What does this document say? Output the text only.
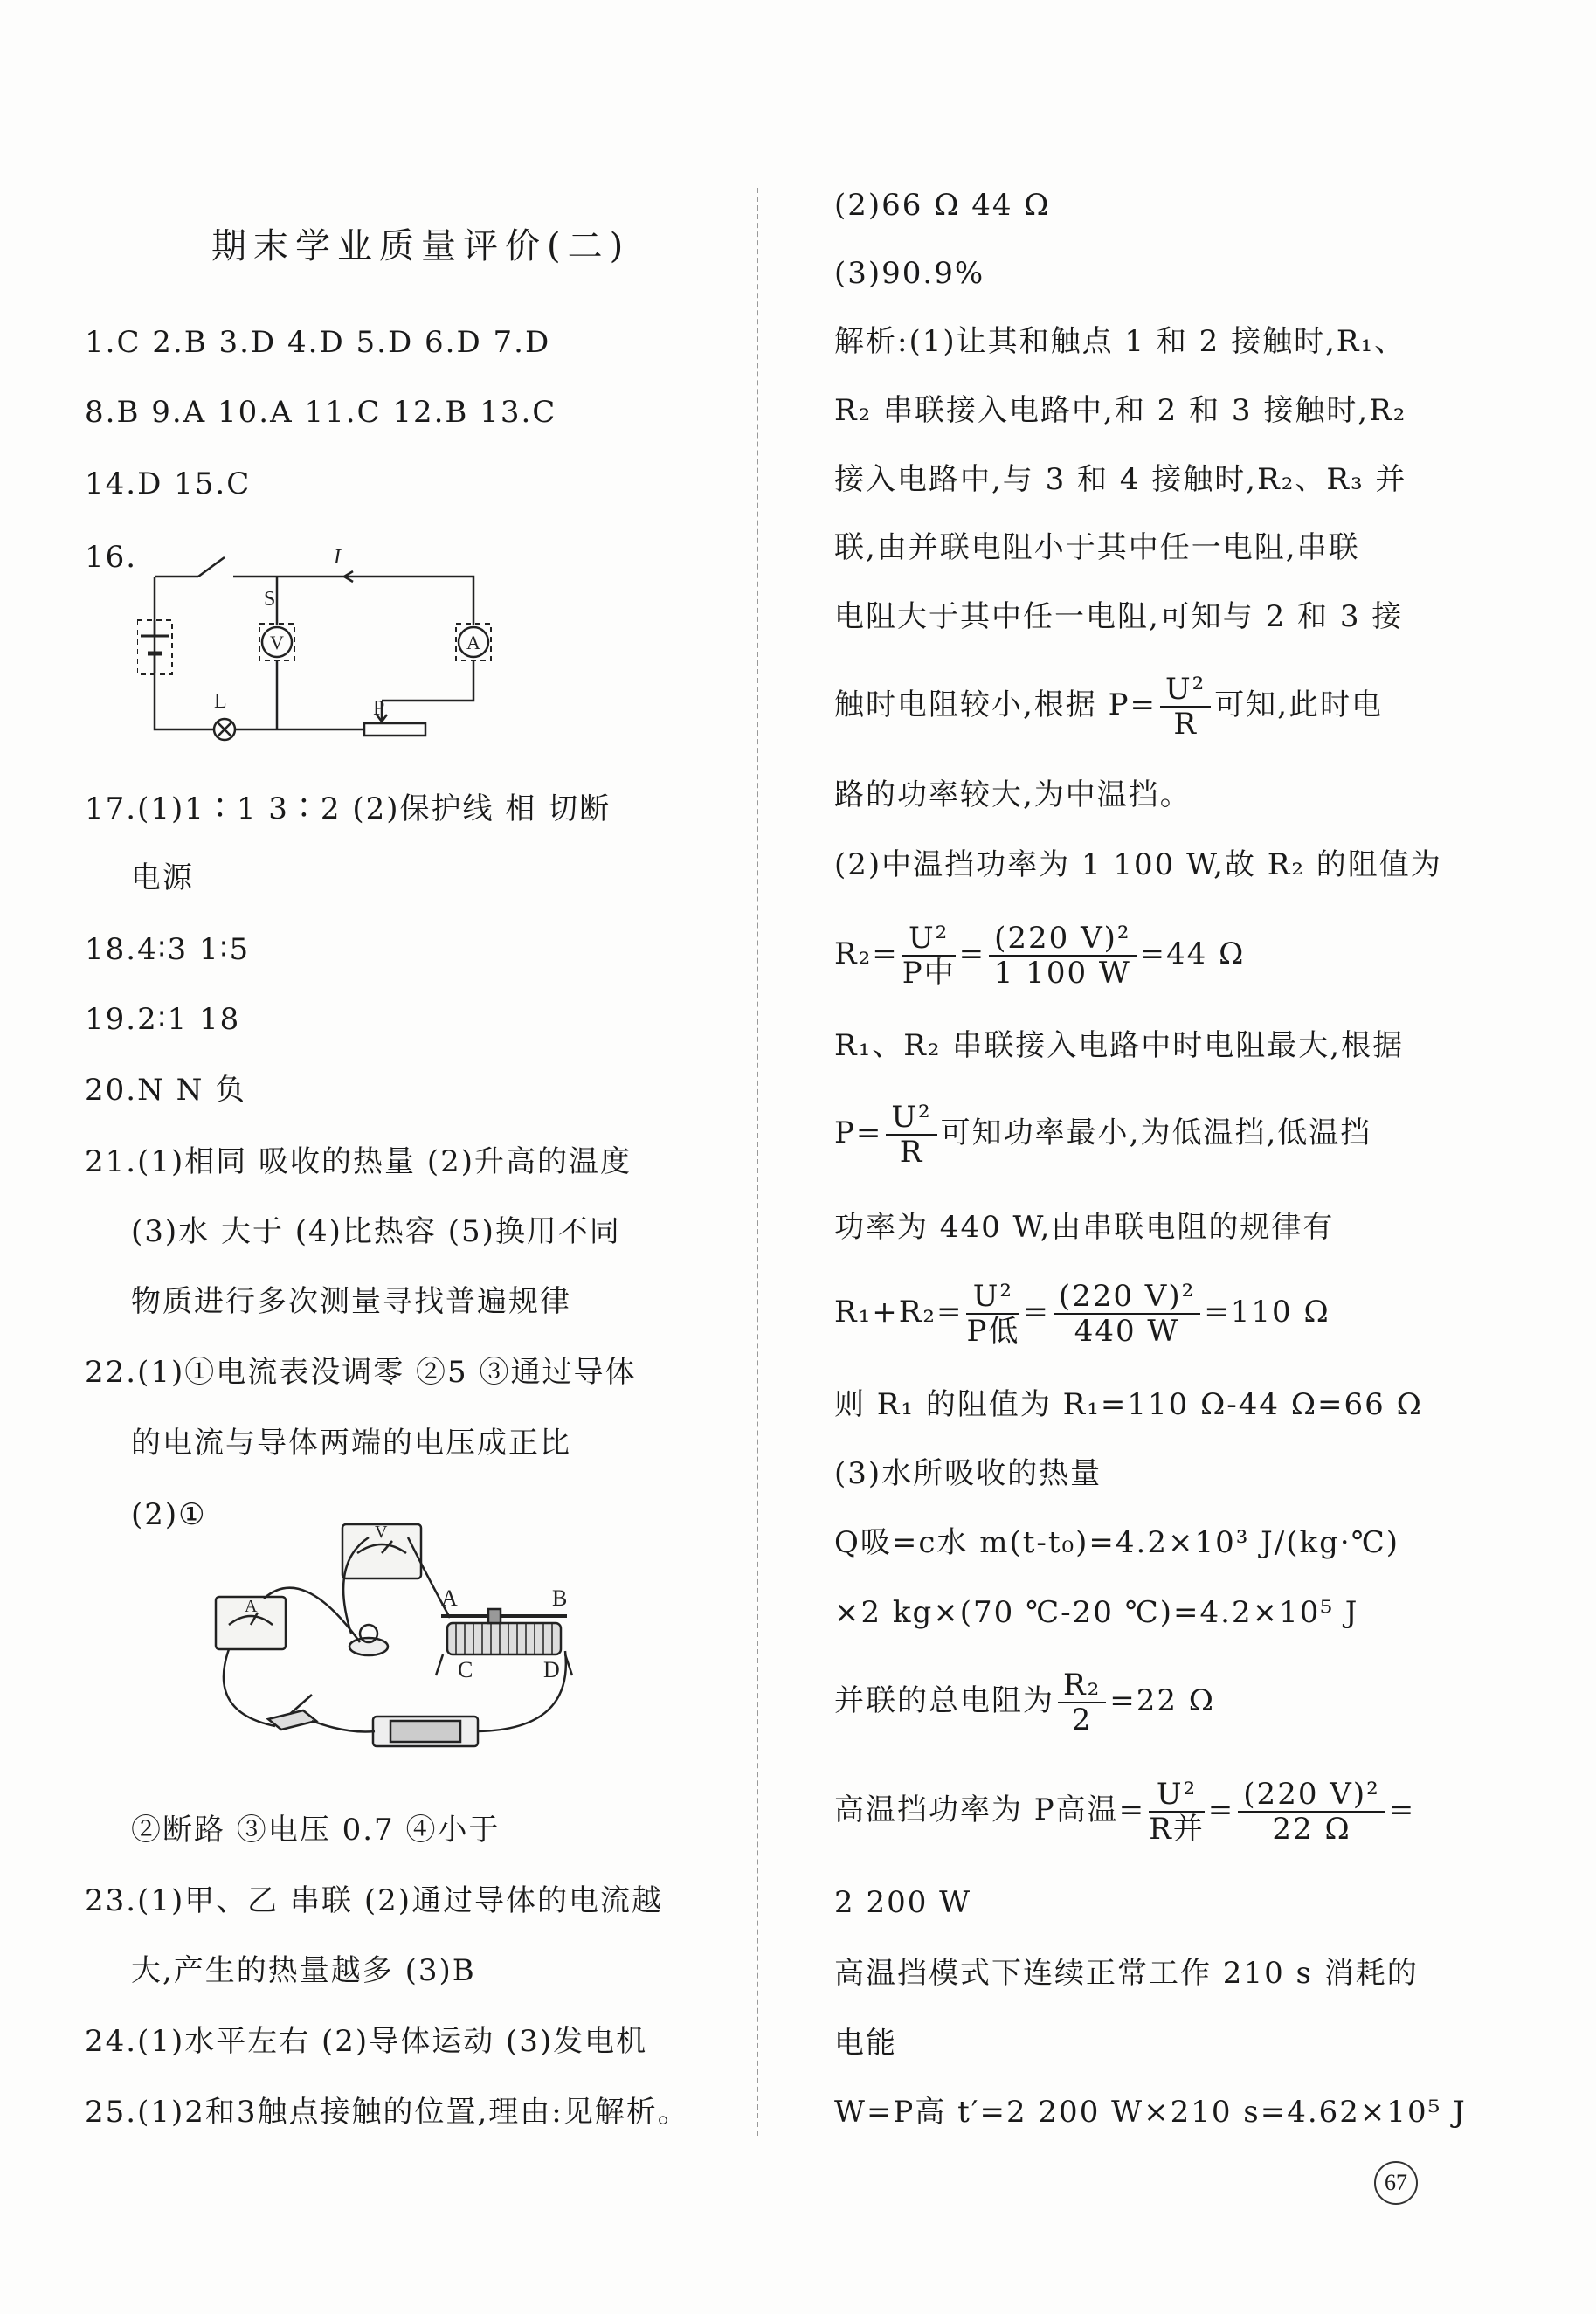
期末学业质量评价(二)
1.C 2.B 3.D 4.D 5.D 6.D 7.D
8.B 9.A 10.A 11.C 12.B 13.C
14.D 15.C
16.
S
I
V	A
L	P
17.(1)1∶1 3∶2 (2)保护线 相 切断
电源
18.4∶3 1∶5
19.2∶1 18
20.N N 负
21.(1)相同 吸收的热量 (2)升高的温度
(3)水 大于 (4)比热容 (5)换用不同
物质进行多次测量寻找普遍规律
22.(1)①电流表没调零 ②5 ③通过导体
的电流与导体两端的电压成正比
(2)①	V
A	A	B
C	D
②断路 ③电压 0.7 ④小于
23.(1)甲、乙 串联 (2)通过导体的电流越
大,产生的热量越多 (3)B
24.(1)水平左右 (2)导体运动 (3)发电机
25.(1)2和3触点接触的位置,理由:见解析。
(2)66 Ω 44 Ω
(3)90.9%
解析:(1)让其和触点 1 和 2 接触时,R₁、
R₂ 串联接入电路中,和 2 和 3 接触时,R₂
接入电路中,与 3 和 4 接触时,R₂、R₃ 并
联,由并联电阻小于其中任一电阻,串联
电阻大于其中任一电阻,可知与 2 和 3 接
触时电阻较小,根据 $P= \frac{\text{U²}}{R}$ 可知,此时电
路的功率较大,为中温挡。
(2)中温挡功率为 1 100 W,故 R₂ 的阻值为
$R_2= \frac{\text{U²}}{\text{P中}} = \frac{\text{(220 V)²}}{1 100 W} =44$ Ω
R₁、R₂ 串联接入电路中时电阻最大,根据
$P= \frac{\text{U²}}{R}$ 可知功率最小,为低温挡,低温挡
功率为 440 W,由串联电阻的规律有
$R_1+R_2= \frac{\text{U²}}{\text{P低}} = \frac{\text{(220 V)²}}{440 W} =110$ Ω
则 R₁ 的阻值为 R₁=110 Ω-44 Ω=66 Ω
(3)水所吸收的热量
Q吸=c水 m(t-t₀)=4.2×10³ J/(kg·℃)
×2 kg×(70 ℃-20 ℃)=4.2×10⁵ J
并联的总电阻为 $\frac{\text{R₂}}{2} =22$ Ω
高温挡功率为 P高温= $\frac{\text{U²}}{\text{R并}} = \frac{\text{(220 V)²}}{22 \Omega}$ =
2 200 W
高温挡模式下连续正常工作 210 s 消耗的
电能
W=P高 t′=2 200 W×210 s=4.62×10⁵ J
67
